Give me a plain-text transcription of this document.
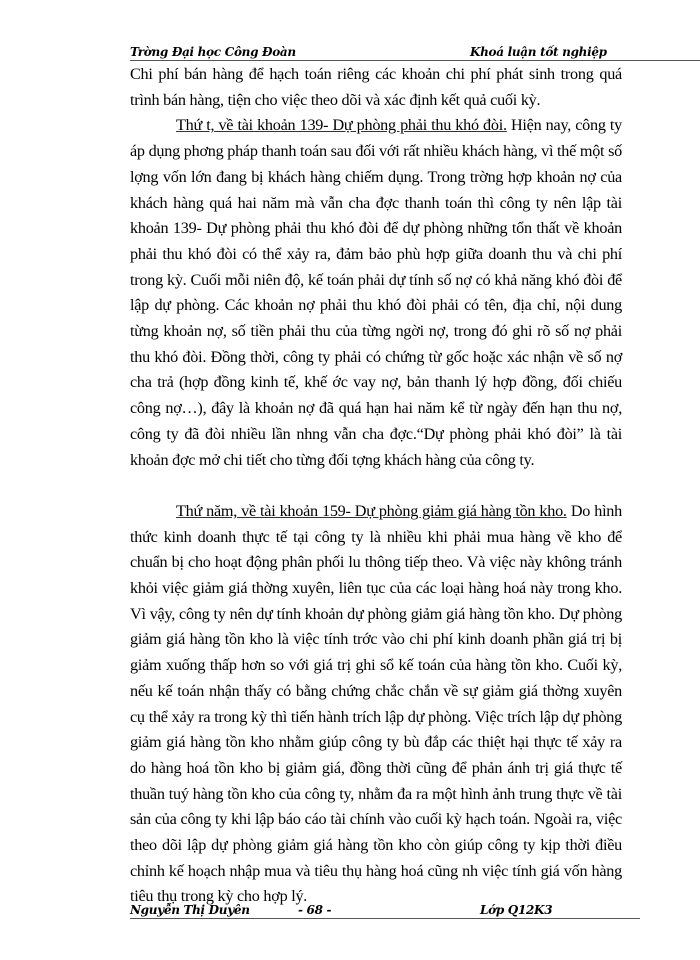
Trờng Đại học Công Đoàn	Khoá luận tốt nghiệp

Chi phí bán hàng để hạch toán riêng các khoản chi phí phát sinh trong quá trình bán hàng, tiện cho việc theo dõi và xác định kết quả cuối kỳ.

Thứ t, về tài khoản 139- Dự phòng phải thu khó đòi. Hiện nay, công ty áp dụng phơng pháp thanh toán sau đối với rất nhiều khách hàng, vì thế một số lợng vốn lớn đang bị khách hàng chiếm dụng. Trong trờng hợp khoản nợ của khách hàng quá hai năm mà vẫn cha đợc thanh toán thì công ty nên lập tài khoản 139- Dự phòng phải thu khó đòi để dự phòng những tổn thất về khoản phải thu khó đòi có thể xảy ra, đảm bảo phù hợp giữa doanh thu và chi phí trong kỳ. Cuối mỗi niên độ, kế toán phải dự tính số nợ có khả năng khó đòi để lập dự phòng. Các khoản nợ phải thu khó đòi phải có tên, địa chỉ, nội dung từng khoản nợ, số tiền phải thu của từng ngời nợ, trong đó ghi rõ số nợ phải thu khó đòi. Đồng thời, công ty phải có chứng từ gốc hoặc xác nhận về số nợ cha trả (hợp đồng kinh tế, khế ớc vay nợ, bản thanh lý hợp đồng, đối chiếu công nợ…), đây là khoản nợ đã quá hạn hai năm kể từ ngày đến hạn thu nợ, công ty đã đòi nhiều lần nhng vẫn cha đợc.“Dự phòng phải khó đòi” là tài khoản đợc mở chi tiết cho từng đối tợng khách hàng của công ty.

Thứ năm, về tài khoản 159- Dự phòng giảm giá hàng tồn kho. Do hình thức kinh doanh thực tế tại công ty là nhiều khi phải mua hàng về kho để chuẩn bị cho hoạt động phân phối lu thông tiếp theo. Và việc này không tránh khỏi việc giảm giá thờng xuyên, liên tục của các loại hàng hoá này trong kho. Vì vậy, công ty nên dự tính khoản dự phòng giảm giá hàng tồn kho. Dự phòng giảm giá hàng tồn kho là việc tính trớc vào chi phí kinh doanh phần giá trị bị giảm xuống thấp hơn so với giá trị ghi sổ kế toán của hàng tồn kho. Cuối kỳ, nếu kế toán nhận thấy có bằng chứng chắc chắn về sự giảm giá thờng xuyên cụ thể xảy ra trong kỳ thì tiến hành trích lập dự phòng. Việc trích lập dự phòng giảm giá hàng tồn kho nhằm giúp công ty bù đắp các thiệt hại thực tế xảy ra do hàng hoá tồn kho bị giảm giá, đồng thời cũng để phản ánh trị giá thực tế thuần tuý hàng tồn kho của công ty, nhằm đa ra một hình ảnh trung thực về tài sản của công ty khi lập báo cáo tài chính vào cuối kỳ hạch toán. Ngoài ra, việc theo dõi lập dự phòng giảm giá hàng tồn kho còn giúp công ty kịp thời điều chỉnh kế hoạch nhập mua và tiêu thụ hàng hoá cũng nh việc tính giá vốn hàng tiêu thụ trong kỳ cho hợp lý.

Nguyễn Thị Duyên	- 68 -	Lớp Q12K3
